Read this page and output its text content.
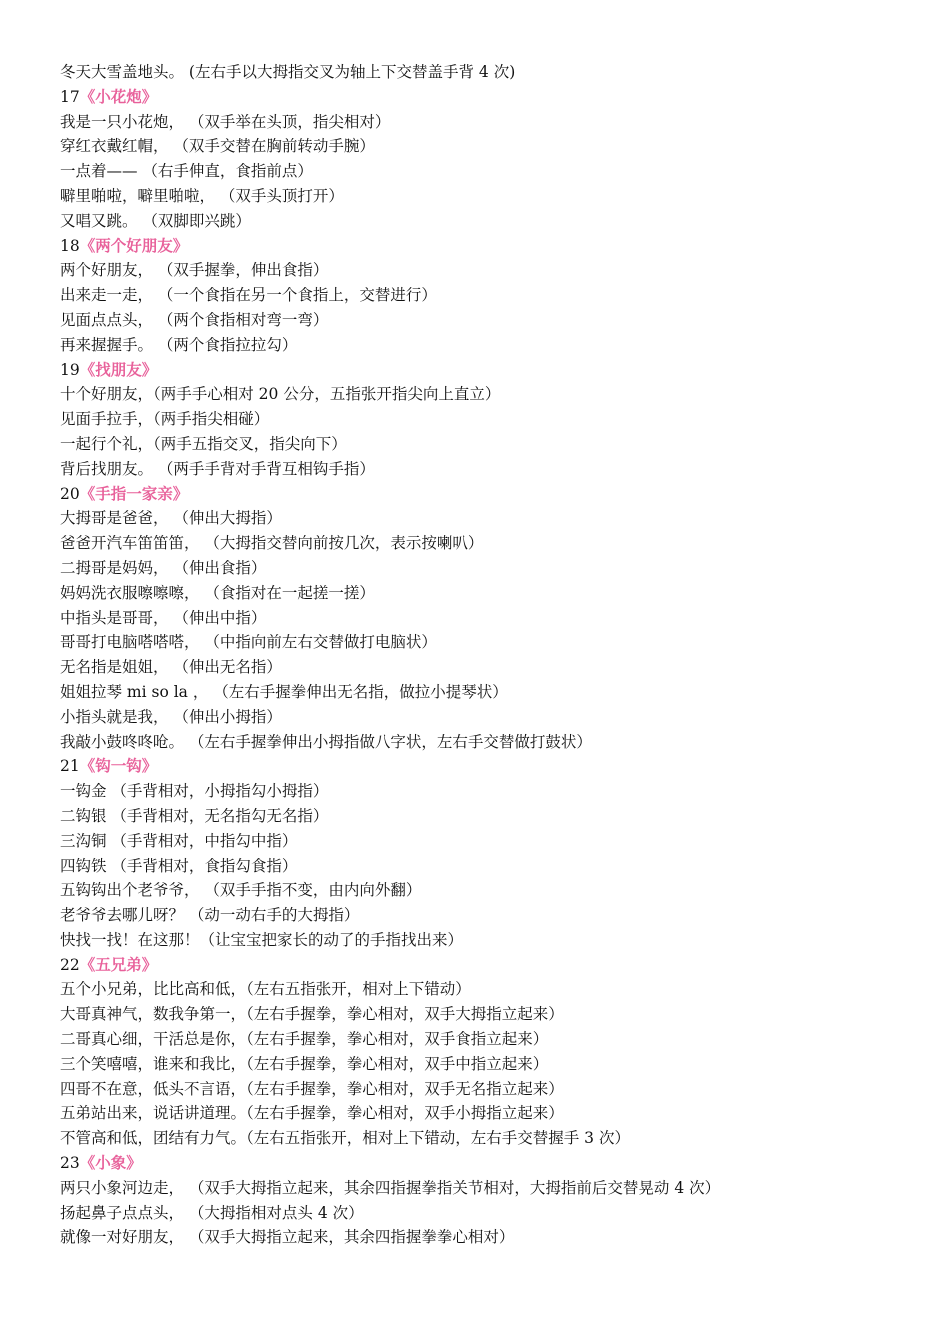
冬天大雪盖地头。 (左右手以大拇指交叉为轴上下交替盖手背 4 次)
17《小花炮》
我是一只小花炮， （双手举在头顶，指尖相对）
穿红衣戴红帽， （双手交替在胸前转动手腕）
一点着—— （右手伸直，食指前点）
噼里啪啦，噼里啪啦， （双手头顶打开）
又唱又跳。 （双脚即兴跳）
18《两个好朋友》
两个好朋友， （双手握拳，伸出食指）
出来走一走， （一个食指在另一个食指上，交替进行）
见面点点头， （两个食指相对弯一弯）
再来握握手。 （两个食指拉拉勾）
19《找朋友》
十个好朋友，（两手手心相对 20 公分，五指张开指尖向上直立）
见面手拉手，（两手指尖相碰）
一起行个礼，（两手五指交叉，指尖向下）
背后找朋友。 （两手手背对手背互相钩手指）
20《手指一家亲》
大拇哥是爸爸， （伸出大拇指）
爸爸开汽车笛笛笛， （大拇指交替向前按几次，表示按喇叭）
二拇哥是妈妈， （伸出食指）
妈妈洗衣服嚓嚓嚓， （食指对在一起搓一搓）
中指头是哥哥， （伸出中指）
哥哥打电脑嗒嗒嗒， （中指向前左右交替做打电脑状）
无名指是姐姐， （伸出无名指）
姐姐拉琴 mi so la ， （左右手握拳伸出无名指，做拉小提琴状）
小指头就是我， （伸出小拇指）
我敲小鼓咚咚呛。 （左右手握拳伸出小拇指做八字状，左右手交替做打鼓状）
21《钩一钩》
一钩金 （手背相对，小拇指勾小拇指）
二钩银 （手背相对，无名指勾无名指）
三沟铜 （手背相对，中指勾中指）
四钩铁 （手背相对，食指勾食指）
五钩钩出个老爷爷， （双手手指不变，由内向外翻）
老爷爷去哪儿呀？ （动一动右手的大拇指）
快找一找！在这那！（让宝宝把家长的动了的手指找出来）
22《五兄弟》
五个小兄弟，比比高和低，（左右五指张开，相对上下错动）
大哥真神气，数我争第一，（左右手握拳，拳心相对，双手大拇指立起来）
二哥真心细，干活总是你，（左右手握拳，拳心相对，双手食指立起来）
三个笑嘻嘻，谁来和我比，（左右手握拳，拳心相对，双手中指立起来）
四哥不在意，低头不言语，（左右手握拳，拳心相对，双手无名指立起来）
五弟站出来，说话讲道理。（左右手握拳，拳心相对，双手小拇指立起来）
不管高和低，团结有力气。（左右五指张开，相对上下错动，左右手交替握手 3 次）
23《小象》
两只小象河边走， （双手大拇指立起来，其余四指握拳指关节相对，大拇指前后交替晃动 4 次）
扬起鼻子点点头， （大拇指相对点头 4 次）
就像一对好朋友， （双手大拇指立起来，其余四指握拳拳心相对）
